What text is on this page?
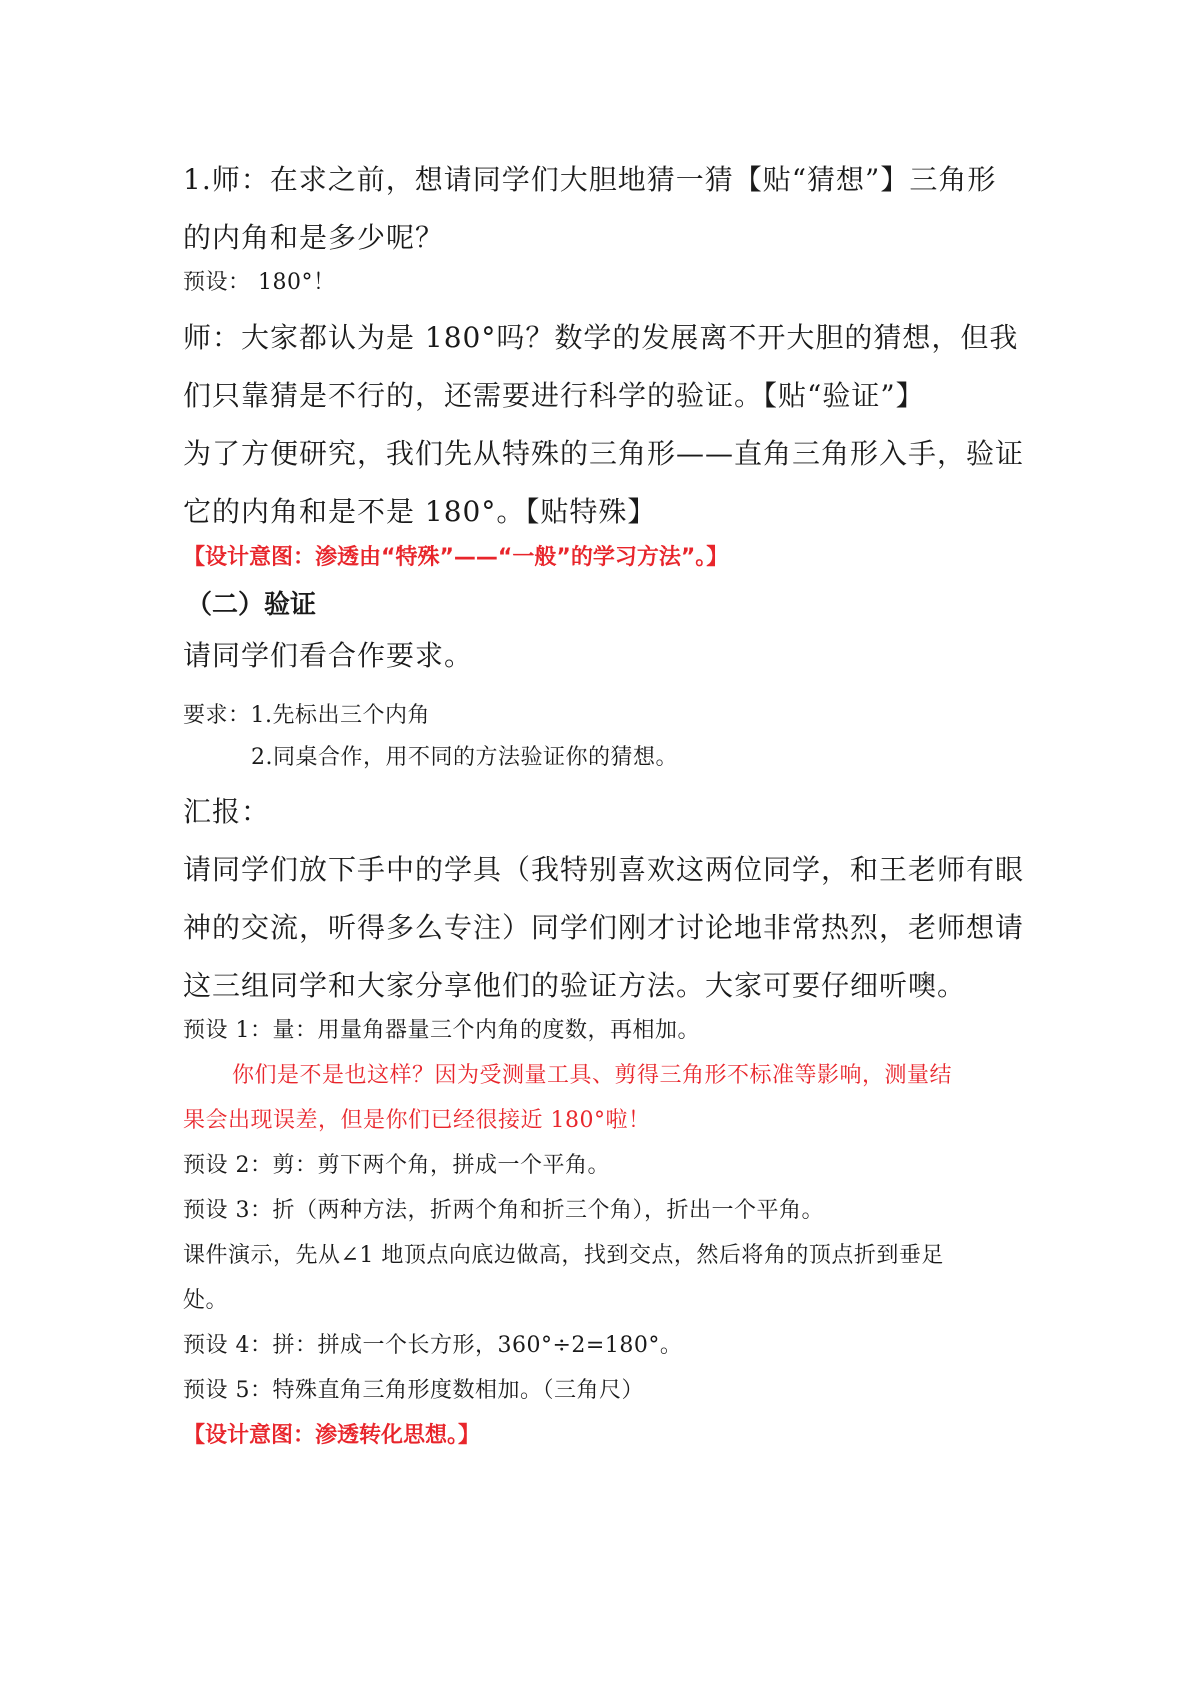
1.师：在求之前，想请同学们大胆地猜一猜【贴“猜想”】三角形
的内角和是多少呢？
预设： 180°！
师：大家都认为是 180°吗？数学的发展离不开大胆的猜想，但我
们只靠猜是不行的，还需要进行科学的验证。【贴“验证”】
为了方便研究，我们先从特殊的三角形——直角三角形入手，验证
它的内角和是不是 180°。【贴特殊】
【设计意图：渗透由“特殊”——“一般”的学习方法”。】
（二）验证
请同学们看合作要求。
要求：1.先标出三个内角
2.同桌合作，用不同的方法验证你的猜想。
汇报：
请同学们放下手中的学具（我特别喜欢这两位同学，和王老师有眼
神的交流，听得多么专注）同学们刚才讨论地非常热烈，老师想请
这三组同学和大家分享他们的验证方法。大家可要仔细听噢。
预设 1：量：用量角器量三个内角的度数，再相加。
你们是不是也这样？因为受测量工具、剪得三角形不标准等影响，测量结
果会出现误差，但是你们已经很接近 180°啦！
预设 2：剪：剪下两个角，拼成一个平角。
预设 3：折（两种方法，折两个角和折三个角），折出一个平角。
课件演示，先从∠1 地顶点向底边做高，找到交点，然后将角的顶点折到垂足
处。
预设 4：拼：拼成一个长方形，360°÷2=180°。
预设 5：特殊直角三角形度数相加。（三角尺）
【设计意图：渗透转化思想。】
